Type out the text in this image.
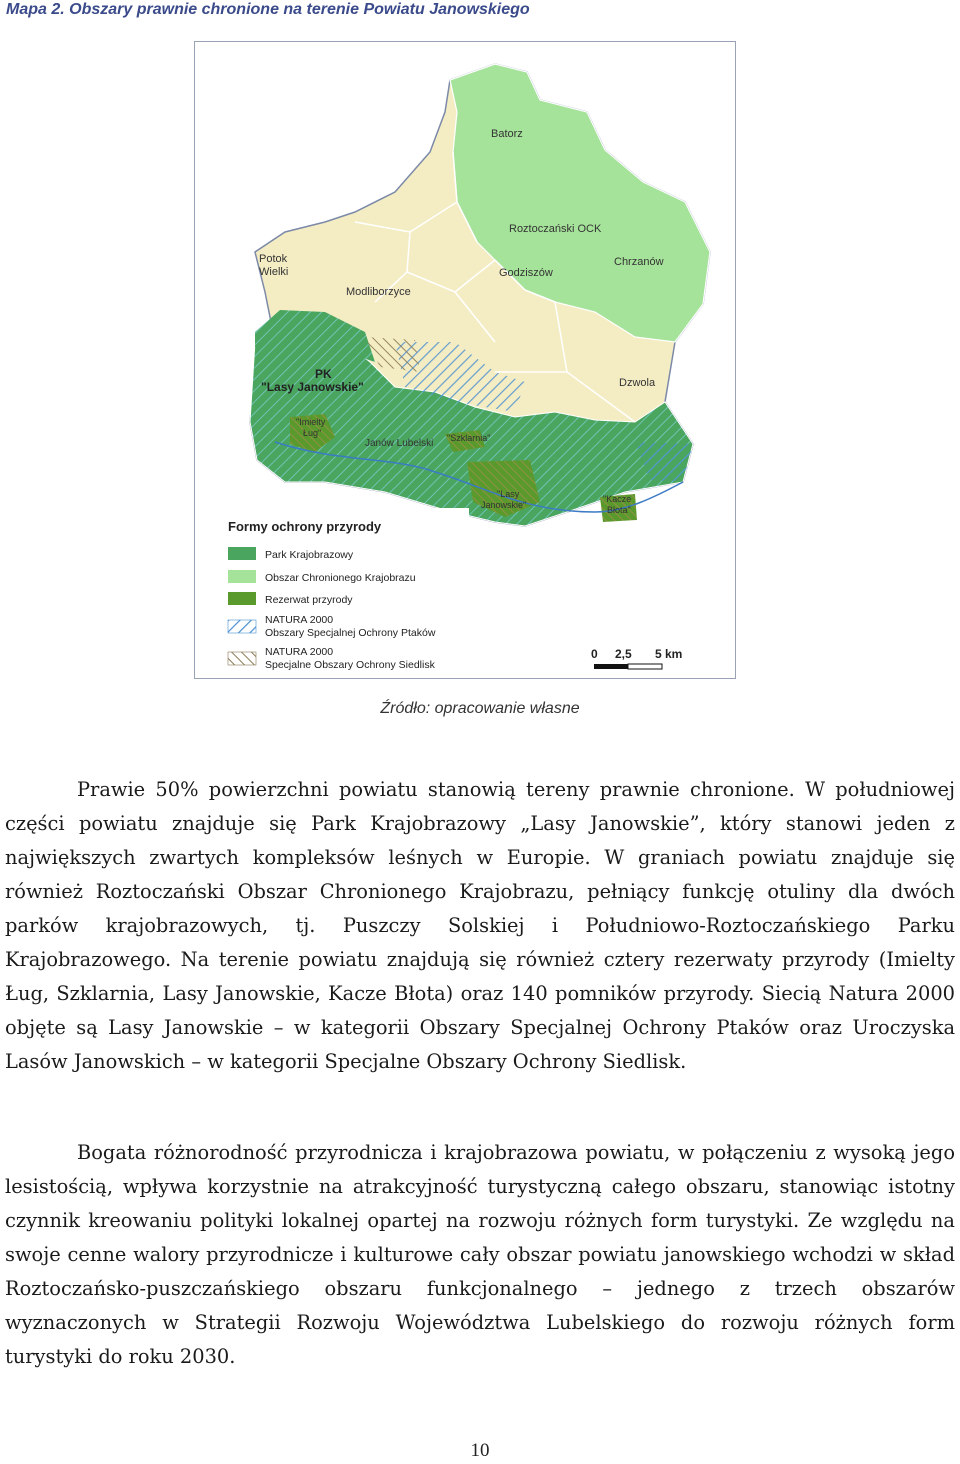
Mapa 2. Obszary prawnie chronione na terenie Powiatu Janowskiego
Batorz
Roztoczański OCK
Potok
Wielki	Godziszów
Chrzanów
Modliborzyce
PK
"Lasy Janowskie"	Dzwola
"Imielty
Ług"
Janów Lubelski "Szklarnia"
"Lasy
Janowskie"
"Kacze
Błota"
Formy ochrony przyrody
Park Krajobrazowy
Obszar Chronionego Krajobrazu
Rezerwat przyrody
NATURA 2000
Obszary Specjalnej Ochrony Ptaków
NATURA 2000
Specjalne Obszary Ochrony Siedlisk
0 2,5 5 km
Źródło: opracowanie własne

Prawie 50% powierzchni powiatu stanowią tereny prawnie chronione. W południowej części powiatu znajduje się Park Krajobrazowy „Lasy Janowskie”, który stanowi jeden z największych zwartych kompleksów leśnych w Europie. W graniach powiatu znajduje się również Roztoczański Obszar Chronionego Krajobrazu, pełniący funkcję otuliny dla dwóch parków krajobrazowych, tj. Puszczy Solskiej i Południowo-Roztoczańskiego Parku Krajobrazowego. Na terenie powiatu znajdują się również cztery rezerwaty przyrody (Imielty Ług, Szklarnia, Lasy Janowskie, Kacze Błota) oraz 140 pomników przyrody. Siecią Natura 2000 objęte są Lasy Janowskie – w kategorii Obszary Specjalnej Ochrony Ptaków oraz Uroczyska Lasów Janowskich – w kategorii Specjalne Obszary Ochrony Siedlisk.

Bogata różnorodność przyrodnicza i krajobrazowa powiatu, w połączeniu z wysoką jego lesistością, wpływa korzystnie na atrakcyjność turystyczną całego obszaru, stanowiąc istotny czynnik kreowaniu polityki lokalnej opartej na rozwoju różnych form turystyki. Ze względu na swoje cenne walory przyrodnicze i kulturowe cały obszar powiatu janowskiego wchodzi w skład Roztoczańsko-puszczańskiego obszaru funkcjonalnego – jednego z trzech obszarów wyznaczonych w Strategii Rozwoju Województwa Lubelskiego do rozwoju różnych form turystyki do roku 2030.

10
